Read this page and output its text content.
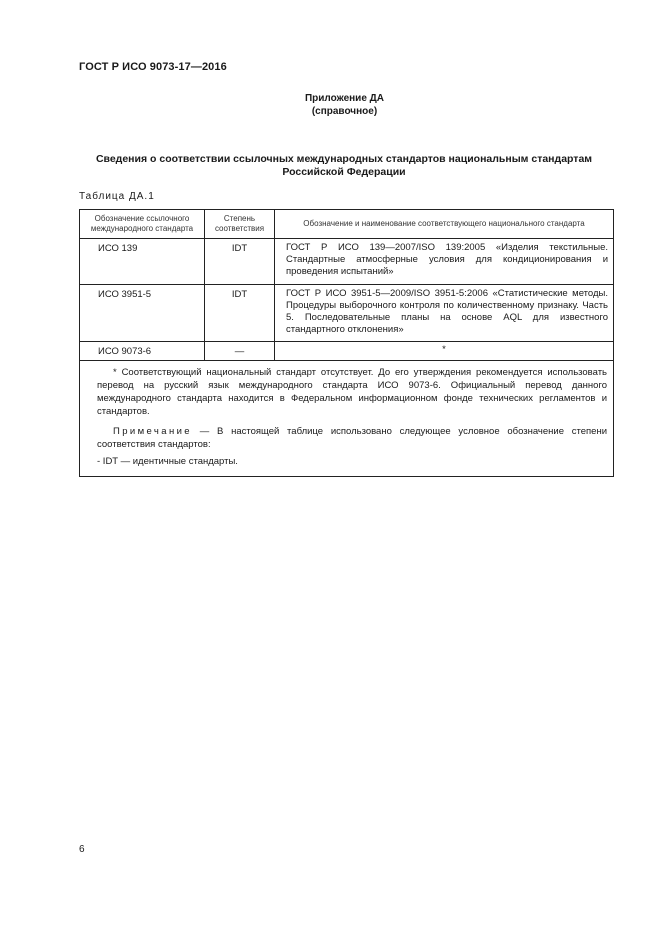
ГОСТ Р ИСО 9073-17—2016
Приложение ДА
(справочное)
Сведения о соответствии ссылочных международных стандартов национальным стандартам Российской Федерации
Таблица ДА.1
Обозначение ссылочного международного стандарта	Степень соответствия	Обозначение и наименование соответствующего национального стандарта
ИСО 139	IDT	ГОСТ Р ИСО 139—2007/ISO 139:2005 «Изделия текстильные. Стандартные атмосферные условия для кондиционирования и проведения испытаний»
ИСО 3951-5	IDT	ГОСТ Р ИСО 3951-5—2009/ISO 3951-5:2006 «Статистические методы. Процедуры выборочного контроля по количественному признаку. Часть 5. Последовательные планы на основе AQL для известного стандартного отклонения»
ИСО 9073-6	—	*

* Соответствующий национальный стандарт отсутствует. До его утверждения рекомендуется использовать перевод на русский язык международного стандарта ИСО 9073-6. Официальный перевод данного международного стандарта находится в Федеральном информационном фонде технических регламентов и стандартов.

Примечание — В настоящей таблице использовано следующее условное обозначение степени соответствия стандартов:

- IDT — идентичные стандарты.		

6
